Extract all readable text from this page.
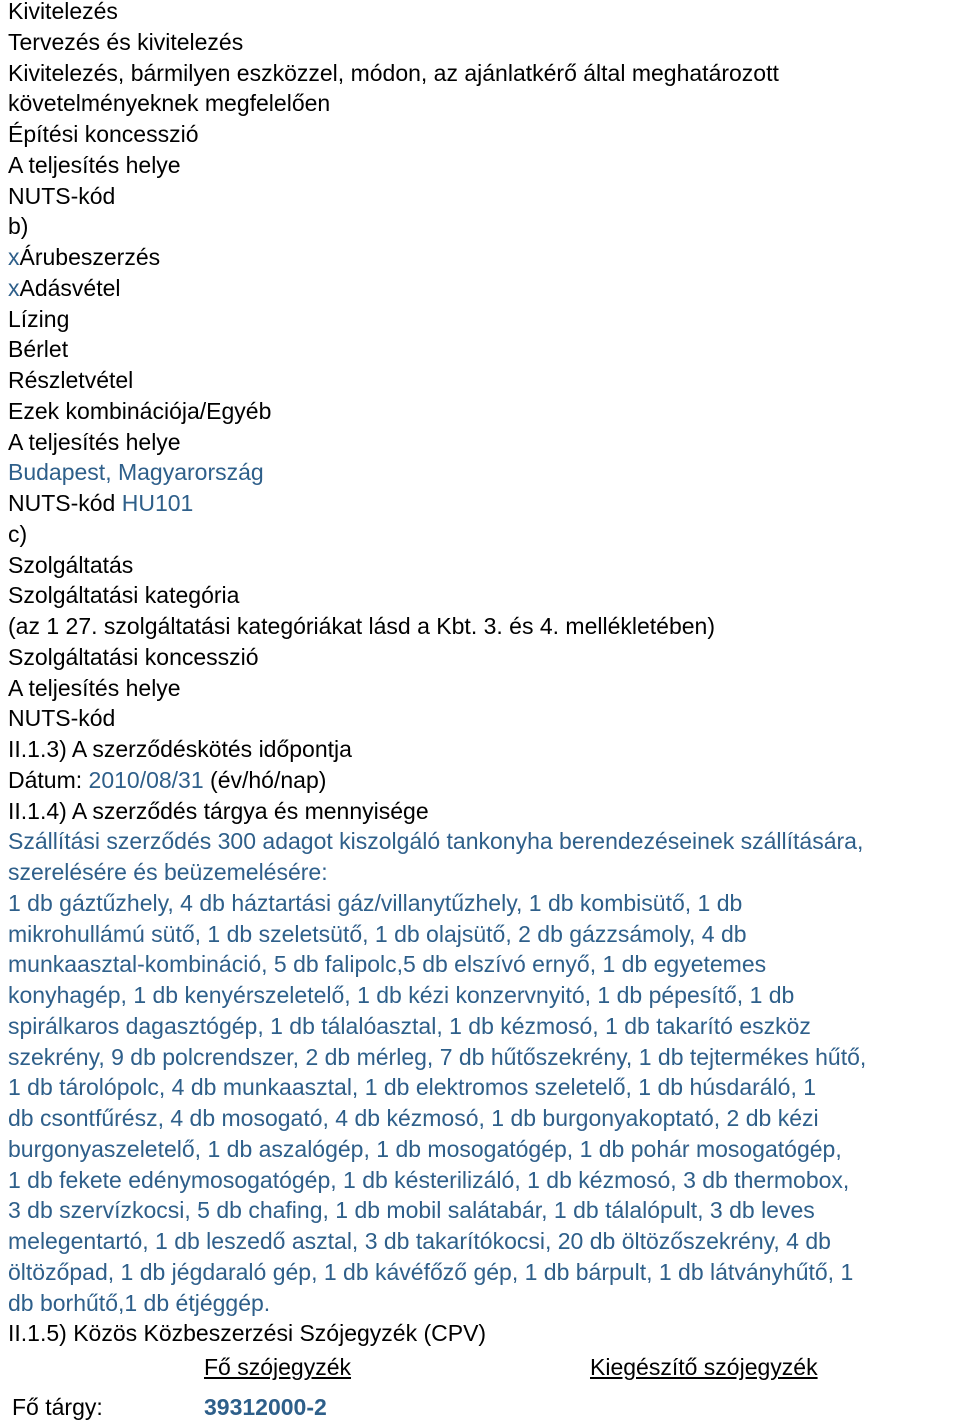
Kivitelezés

Tervezés és kivitelezés

Kivitelezés, bármilyen eszközzel, módon, az ajánlatkérő által meghatározott

követelményeknek megfelelően

Építési koncesszió

A teljesítés helye

NUTS-kód

b)

xÁrubeszerzés

xAdásvétel

Lízing

Bérlet

Részletvétel

Ezek kombinációja/Egyéb

A teljesítés helye

Budapest, Magyarország

NUTS-kód HU101

c)

Szolgáltatás

Szolgáltatási kategória

(az 1 27. szolgáltatási kategóriákat lásd a Kbt. 3. és 4. mellékletében)

Szolgáltatási koncesszió

A teljesítés helye

NUTS-kód

II.1.3) A szerződéskötés időpontja

Dátum: 2010/08/31 (év/hó/nap)

II.1.4) A szerződés tárgya és mennyisége

Szállítási szerződés 300 adagot kiszolgáló tankonyha berendezéseinek szállítására,

szerelésére és beüzemelésére:

1 db gáztűzhely, 4 db háztartási gáz/villanytűzhely, 1 db kombisütő, 1 db

mikrohullámú sütő, 1 db szeletsütő, 1 db olajsütő, 2 db gázzsámoly, 4 db

munkaasztal-kombináció, 5 db falipolc,5 db elszívó ernyő, 1 db egyetemes

konyhagép, 1 db kenyérszeletelő, 1 db kézi konzervnyitó, 1 db pépesítő, 1 db

spirálkaros dagasztógép, 1 db tálalóasztal, 1 db kézmosó, 1 db takarító eszköz

szekrény, 9 db polcrendszer, 2 db mérleg, 7 db hűtőszekrény, 1 db tejtermékes hűtő,

1 db tárolópolc, 4 db munkaasztal, 1 db elektromos szeletelő, 1 db húsdaráló, 1

db csontfűrész, 4 db mosogató, 4 db kézmosó, 1 db burgonyakoptató, 2 db kézi

burgonyaszeletelő, 1 db aszalógép, 1 db mosogatógép, 1 db pohár mosogatógép,

1 db fekete edénymosogatógép, 1 db késterilizáló, 1 db kézmosó, 3 db thermobox,

3 db szervízkocsi, 5 db chafing, 1 db mobil salátabár, 1 db tálalópult, 3 db leves

melegentartó, 1 db leszedő asztal, 3 db takarítókocsi, 20 db öltözőszekrény, 4 db

öltözőpad, 1 db jégdaraló gép, 1 db kávéfőző gép, 1 db bárpult, 1 db látványhűtő, 1

db borhűtő,1 db étjéggép.

II.1.5) Közös Közbeszerzési Szójegyzék (CPV)

Fő szójegyzék	Kiegészítő szójegyzék

Fő tárgy:	39312000-2
